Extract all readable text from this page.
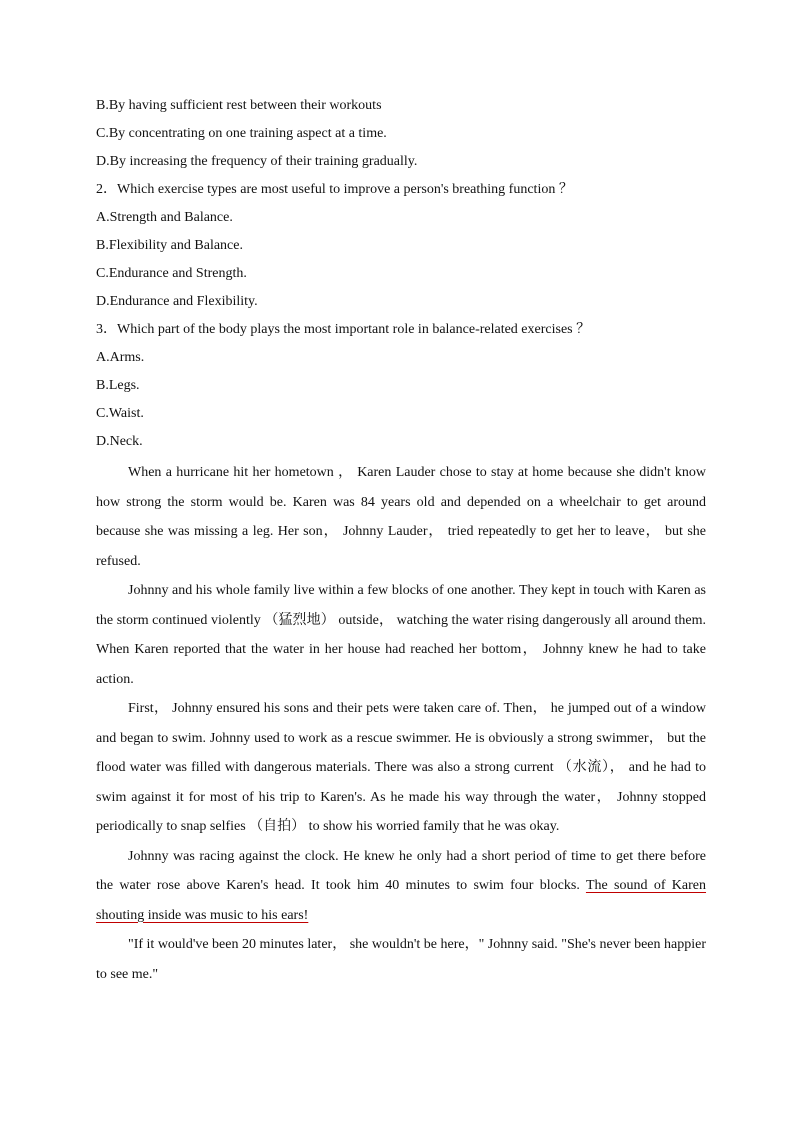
B.By having sufficient rest between their workouts

C.By concentrating on one training aspect at a time.

D.By increasing the frequency of their training gradually.

2．Which exercise types are most useful to improve a person's breathing function ？

A.Strength and Balance.

B.Flexibility and Balance.

C.Endurance and Strength.

D.Endurance and Flexibility.

3．Which part of the body plays the most important role in balance-related exercises ？

A.Arms.

B.Legs.

C.Waist.

D.Neck.

When a hurricane hit her hometown ， Karen Lauder chose to stay at home because she didn't know how strong the storm would be. Karen was 84 years old and depended on a wheelchair to get around because she was missing a leg. Her son， Johnny Lauder， tried repeatedly to get her to leave， but she refused.

Johnny and his whole family live within a few blocks of one another. They kept in touch with Karen as the storm continued violently （猛烈地） outside， watching the water rising dangerously all around them. When Karen reported that the water in her house had reached her bottom， Johnny knew he had to take action.

First， Johnny ensured his sons and their pets were taken care of. Then， he jumped out of a window and began to swim. Johnny used to work as a rescue swimmer. He is obviously a strong swimmer， but the flood water was filled with dangerous materials. There was also a strong current （水流）， and he had to swim against it for most of his trip to Karen's. As he made his way through the water， Johnny stopped periodically to snap selfies （自拍） to show his worried family that he was okay.

Johnny was racing against the clock. He knew he only had a short period of time to get there before the water rose above Karen's head. It took him 40 minutes to swim four blocks. The sound of Karen shouting inside was music to his ears!

"If it would've been 20 minutes later， she wouldn't be here，" Johnny said. "She's never been happier to see me."
